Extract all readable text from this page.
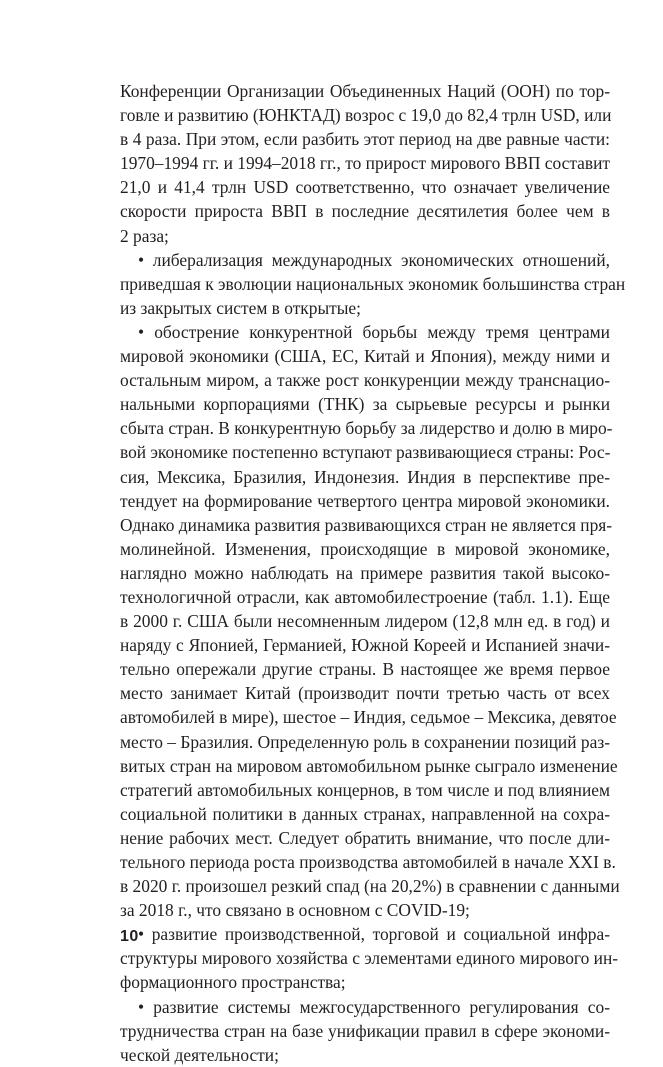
Конференции Организации Объединенных Наций (ООН) по тор-
говле и развитию (ЮНКТАД) возрос с 19,0 до 82,4 трлн USD, или
в 4 раза. При этом, если разбить этот период на две равные части:
1970–1994 гг. и 1994–2018 гг., то прирост мирового ВВП составит
21,0 и 41,4 трлн USD соответственно, что означает увеличение
скорости прироста ВВП в последние десятилетия более чем в
2 раза;
• либерализация международных экономических отношений,
приведшая к эволюции национальных экономик большинства стран
из закрытых систем в открытые;
• обострение конкурентной борьбы между тремя центрами
мировой экономики (США, ЕС, Китай и Япония), между ними и
остальным миром, а также рост конкуренции между транснацио-
нальными корпорациями (ТНК) за сырьевые ресурсы и рынки
сбыта стран. В конкурентную борьбу за лидерство и долю в миро-
вой экономике постепенно вступают развивающиеся страны: Рос-
сия, Мексика, Бразилия, Индонезия. Индия в перспективе пре-
тендует на формирование четвертого центра мировой экономики.
Однако динамика развития развивающихся стран не является пря-
молинейной. Изменения, происходящие в мировой экономике,
наглядно можно наблюдать на примере развития такой высоко-
технологичной отрасли, как автомобилестроение (табл. 1.1). Еще
в 2000 г. США были несомненным лидером (12,8 млн ед. в год) и
наряду с Японией, Германией, Южной Кореей и Испанией значи-
тельно опережали другие страны. В настоящее же время первое
место занимает Китай (производит почти третью часть от всех
автомобилей в мире), шестое – Индия, седьмое – Мексика, девятое
место – Бразилия. Определенную роль в сохранении позиций раз-
витых стран на мировом автомобильном рынке сыграло изменение
стратегий автомобильных концернов, в том числе и под влиянием
социальной политики в данных странах, направленной на сохра-
нение рабочих мест. Следует обратить внимание, что после дли-
тельного периода роста производства автомобилей в начале XXI в.
в 2020 г. произошел резкий спад (на 20,2%) в сравнении с данными
за 2018 г., что связано в основном с COVID-19;
• развитие производственной, торговой и социальной инфра-
структуры мирового хозяйства с элементами единого мирового ин-
формационного пространства;
• развитие системы межгосударственного регулирования со-
трудничества стран на базе унификации правил в сфере экономи-
ческой деятельности;
10
